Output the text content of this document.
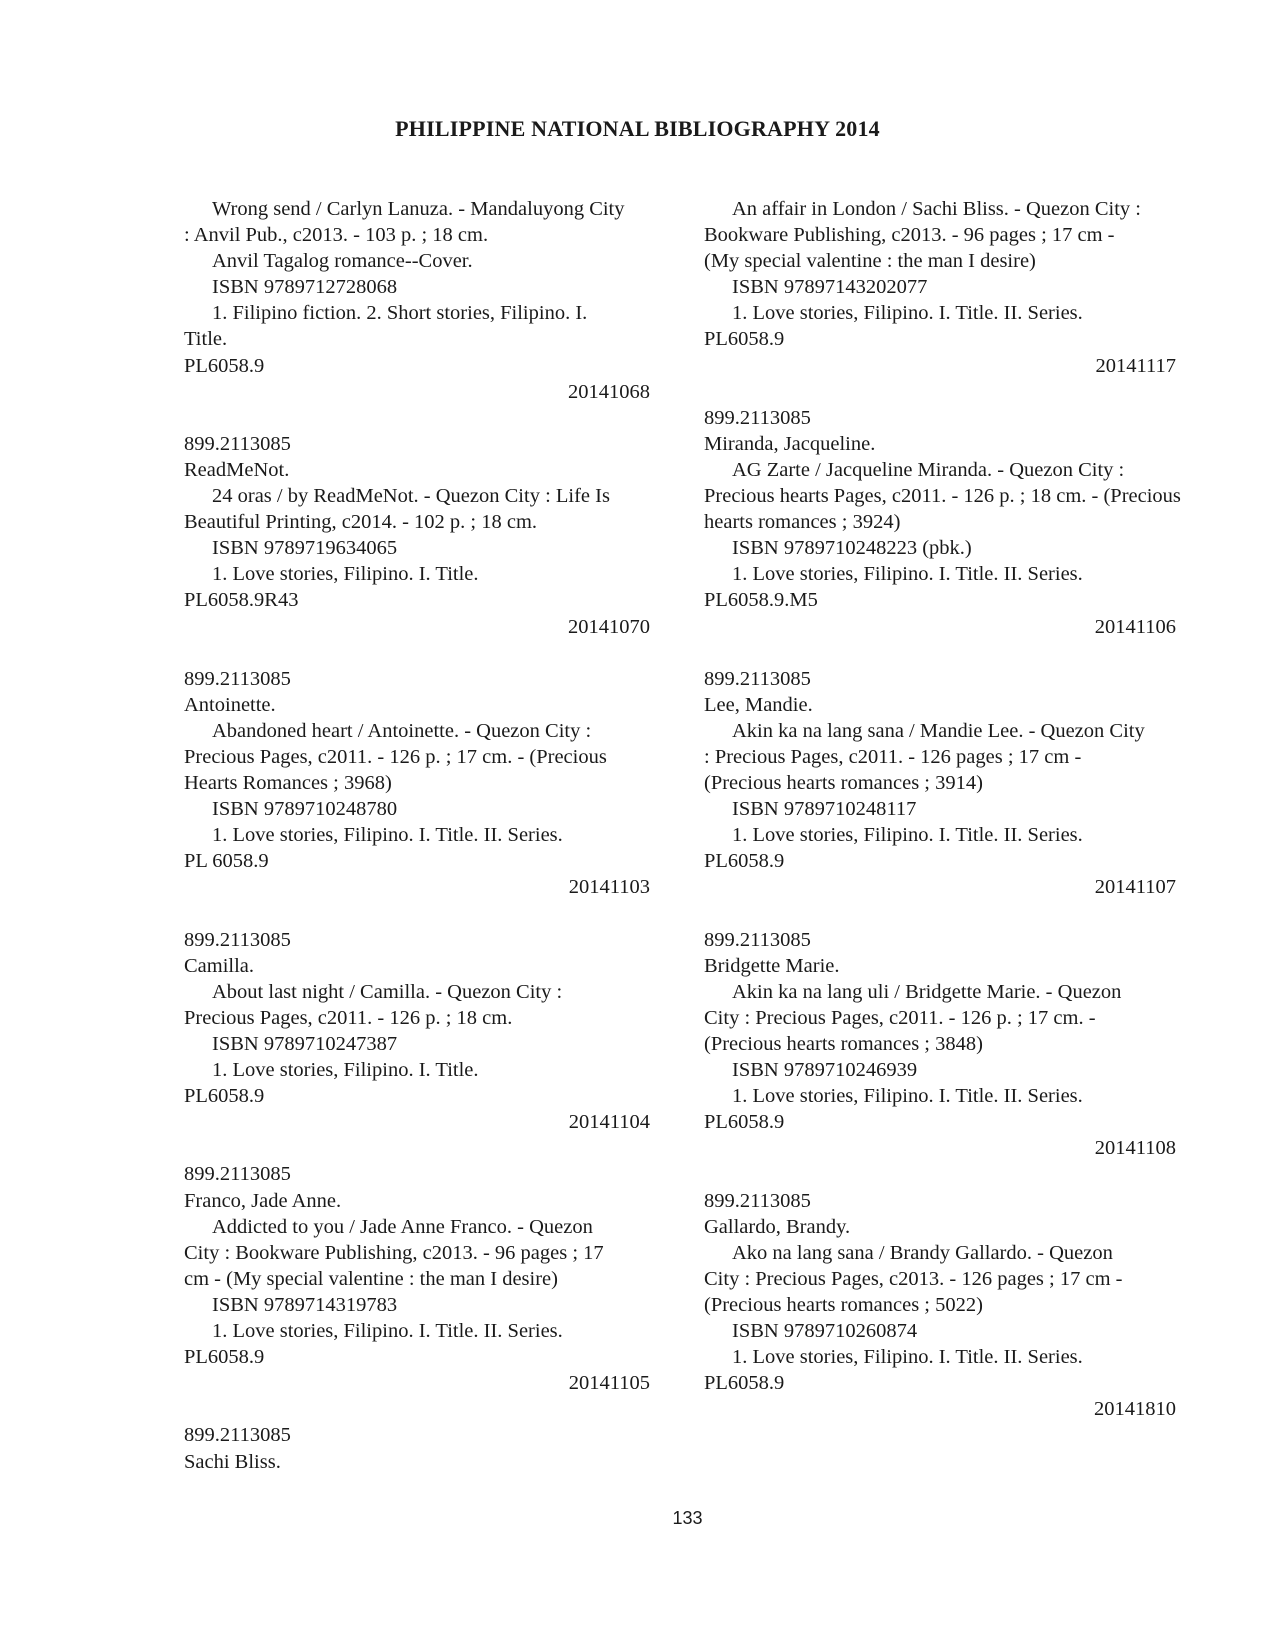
PHILIPPINE NATIONAL BIBLIOGRAPHY 2014
Wrong send / Carlyn Lanuza. - Mandaluyong City
: Anvil Pub., c2013. - 103 p. ; 18 cm.
Anvil Tagalog romance--Cover.
ISBN 9789712728068
1. Filipino fiction. 2. Short stories, Filipino. I.
Title.
PL6058.9
20141068
899.2113085
ReadMeNot.
24 oras / by ReadMeNot. - Quezon City : Life Is
Beautiful Printing, c2014. - 102 p. ; 18 cm.
ISBN 9789719634065
1. Love stories, Filipino. I. Title.
PL6058.9R43
20141070
899.2113085
Antoinette.
Abandoned heart / Antoinette. - Quezon City :
Precious Pages, c2011. - 126 p. ; 17 cm. - (Precious
Hearts Romances ; 3968)
ISBN 9789710248780
1. Love stories, Filipino. I. Title. II. Series.
PL 6058.9
20141103
899.2113085
Camilla.
About last night / Camilla. - Quezon City :
Precious Pages, c2011. - 126 p. ; 18 cm.
ISBN 9789710247387
1. Love stories, Filipino. I. Title.
PL6058.9
20141104
899.2113085
Franco, Jade Anne.
Addicted to you / Jade Anne Franco. - Quezon
City : Bookware Publishing, c2013. - 96 pages ; 17
cm - (My special valentine : the man I desire)
ISBN 9789714319783
1. Love stories, Filipino. I. Title. II. Series.
PL6058.9
20141105
899.2113085
Sachi Bliss.
An affair in London / Sachi Bliss. - Quezon City :
Bookware Publishing, c2013. - 96 pages ; 17 cm -
(My special valentine : the man I desire)
ISBN 97897143202077
1. Love stories, Filipino. I. Title. II. Series.
PL6058.9
20141117
899.2113085
Miranda, Jacqueline.
AG Zarte / Jacqueline Miranda. - Quezon City :
Precious hearts Pages, c2011. - 126 p. ; 18 cm. - (Precious
hearts romances ; 3924)
ISBN 9789710248223 (pbk.)
1. Love stories, Filipino. I. Title. II. Series.
PL6058.9.M5
20141106
899.2113085
Lee, Mandie.
Akin ka na lang sana / Mandie Lee. - Quezon City
: Precious Pages, c2011. - 126 pages ; 17 cm -
(Precious hearts romances ; 3914)
ISBN 9789710248117
1. Love stories, Filipino. I. Title. II. Series.
PL6058.9
20141107
899.2113085
Bridgette Marie.
Akin ka na lang uli / Bridgette Marie. - Quezon
City : Precious Pages, c2011. - 126 p. ; 17 cm. -
(Precious hearts romances ; 3848)
ISBN 9789710246939
1. Love stories, Filipino. I. Title. II. Series.
PL6058.9
20141108
899.2113085
Gallardo, Brandy.
Ako na lang sana / Brandy Gallardo. - Quezon
City : Precious Pages, c2013. - 126 pages ; 17 cm -
(Precious hearts romances ; 5022)
ISBN 9789710260874
1. Love stories, Filipino. I. Title. II. Series.
PL6058.9
20141810
133
